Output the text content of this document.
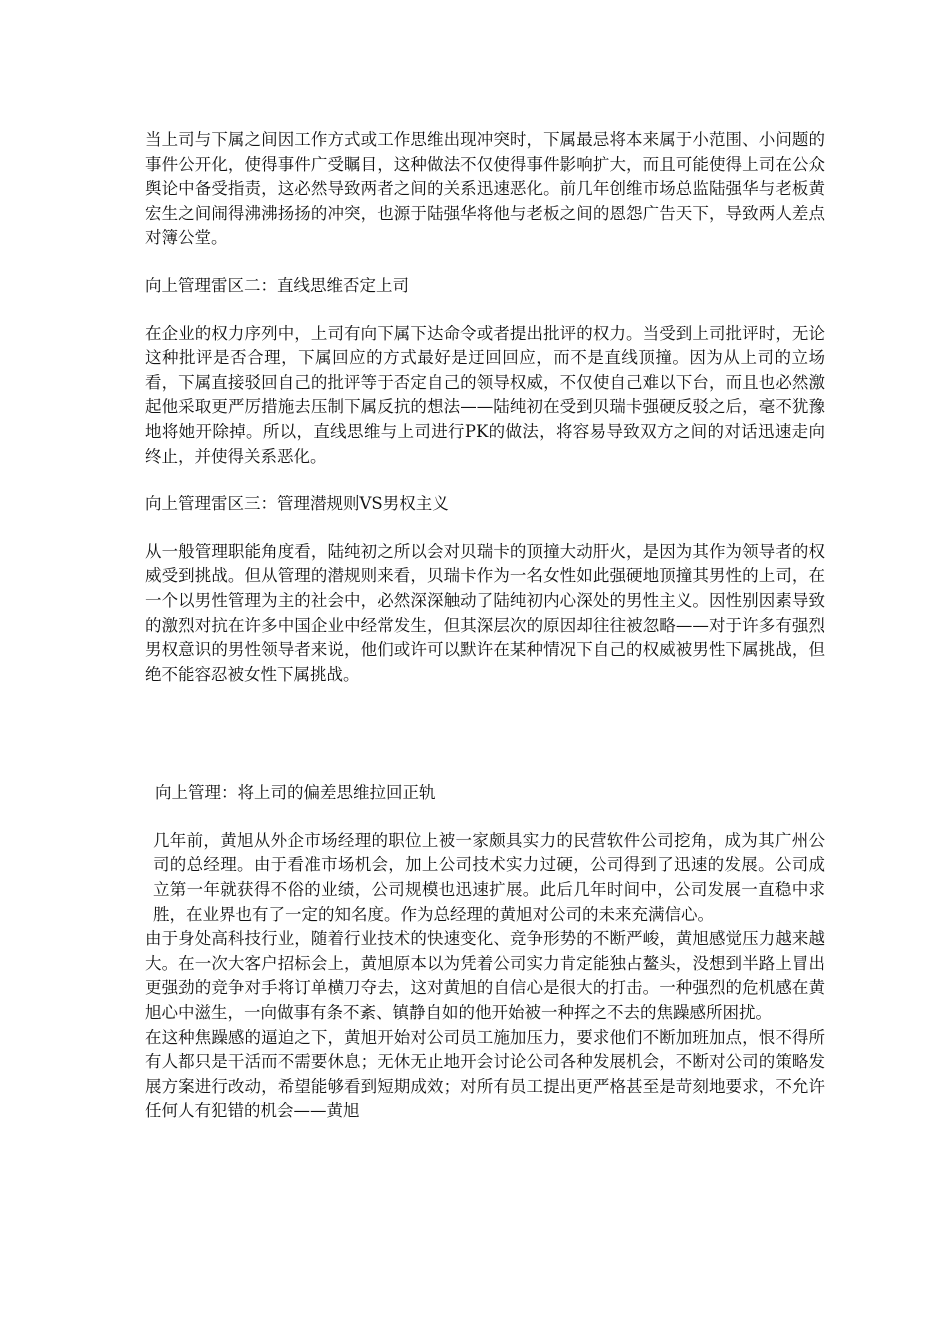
当上司与下属之间因工作方式或工作思维出现冲突时，下属最忌将本来属于小范围、小问题的事件公开化，使得事件广受瞩目，这种做法不仅使得事件影响扩大，而且可能使得上司在公众舆论中备受指责，这必然导致两者之间的关系迅速恶化。前几年创维市场总监陆强华与老板黄宏生之间闹得沸沸扬扬的冲突，也源于陆强华将他与老板之间的恩怨广告天下，导致两人差点对簿公堂。

向上管理雷区二：直线思维否定上司

在企业的权力序列中，上司有向下属下达命令或者提出批评的权力。当受到上司批评时，无论这种批评是否合理，下属回应的方式最好是迂回回应，而不是直线顶撞。因为从上司的立场看，下属直接驳回自己的批评等于否定自己的领导权威，不仅使自己难以下台，而且也必然激起他采取更严厉措施去压制下属反抗的想法——陆纯初在受到贝瑞卡强硬反驳之后，毫不犹豫地将她开除掉。所以，直线思维与上司进行PK的做法，将容易导致双方之间的对话迅速走向终止，并使得关系恶化。

向上管理雷区三：管理潜规则VS男权主义

从一般管理职能角度看，陆纯初之所以会对贝瑞卡的顶撞大动肝火，是因为其作为领导者的权威受到挑战。但从管理的潜规则来看，贝瑞卡作为一名女性如此强硬地顶撞其男性的上司，在一个以男性管理为主的社会中，必然深深触动了陆纯初内心深处的男性主义。因性别因素导致的激烈对抗在许多中国企业中经常发生，但其深层次的原因却往往被忽略——对于许多有强烈男权意识的男性领导者来说，他们或许可以默许在某种情况下自己的权威被男性下属挑战，但绝不能容忍被女性下属挑战。

向上管理：将上司的偏差思维拉回正轨

几年前，黄旭从外企市场经理的职位上被一家颇具实力的民营软件公司挖角，成为其广州公司的总经理。由于看准市场机会，加上公司技术实力过硬，公司得到了迅速的发展。公司成立第一年就获得不俗的业绩，公司规模也迅速扩展。此后几年时间中，公司发展一直稳中求胜，在业界也有了一定的知名度。作为总经理的黄旭对公司的未来充满信心。

由于身处高科技行业，随着行业技术的快速变化、竞争形势的不断严峻，黄旭感觉压力越来越大。在一次大客户招标会上，黄旭原本以为凭着公司实力肯定能独占鳌头，没想到半路上冒出更强劲的竞争对手将订单横刀夺去，这对黄旭的自信心是很大的打击。一种强烈的危机感在黄旭心中滋生，一向做事有条不紊、镇静自如的他开始被一种挥之不去的焦躁感所困扰。

在这种焦躁感的逼迫之下，黄旭开始对公司员工施加压力，要求他们不断加班加点，恨不得所有人都只是干活而不需要休息；无休无止地开会讨论公司各种发展机会，不断对公司的策略发展方案进行改动，希望能够看到短期成效；对所有员工提出更严格甚至是苛刻地要求，不允许任何人有犯错的机会——黄旭
